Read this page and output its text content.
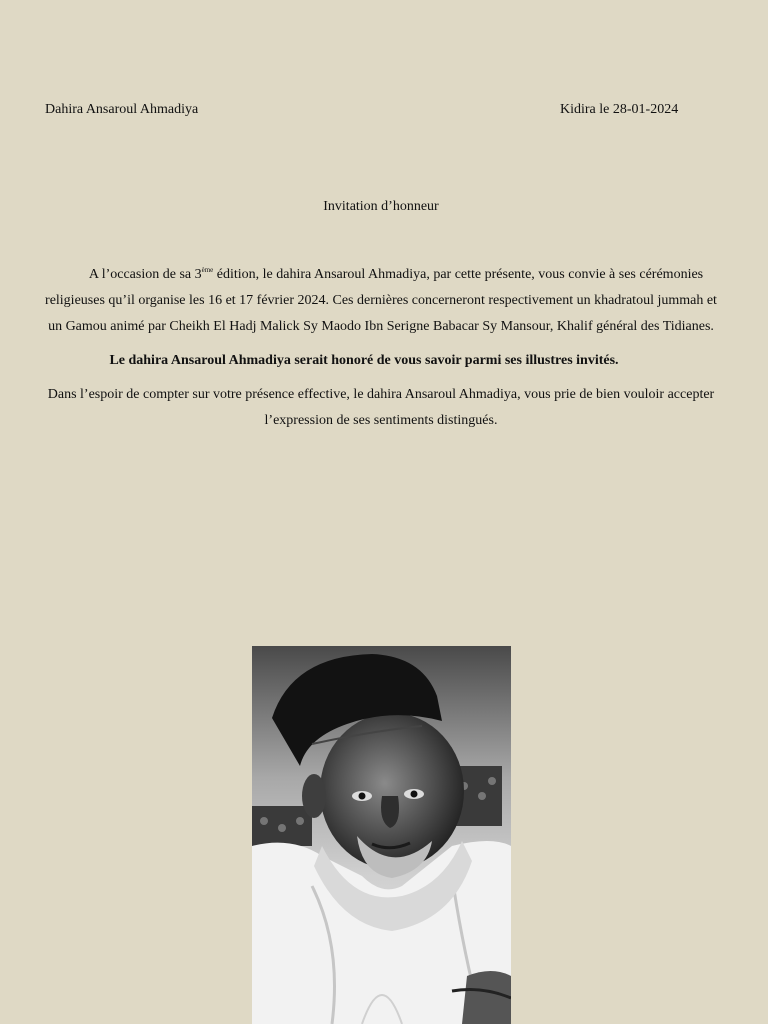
Dahira Ansaroul Ahmadiya	Kidira le 28-01-2024
Invitation d’honneur

A l’occasion de sa 3ème édition, le dahira Ansaroul Ahmadiya, par cette présente, vous convie à ses cérémonies religieuses qu’il organise les 16 et 17 février 2024. Ces dernières concerneront respectivement un khadratoul jummah et un Gamou animé par Cheikh El Hadj Malick Sy Maodo Ibn Serigne Babacar Sy Mansour, Khalif général des Tidianes.

Le dahira Ansaroul Ahmadiya serait honoré de vous savoir parmi ses illustres invités.

Dans l’espoir de compter sur votre présence effective, le dahira Ansaroul Ahmadiya, vous prie de bien vouloir accepter l’expression de ses sentiments distingués.
